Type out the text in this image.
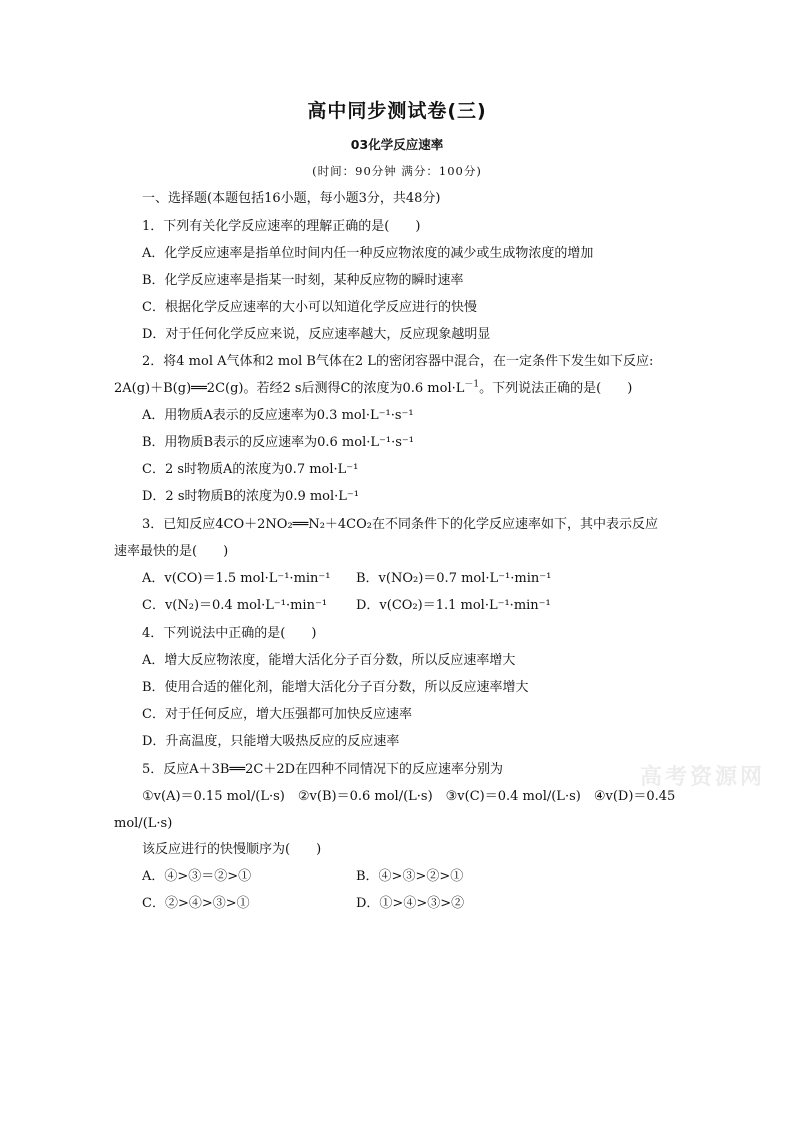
高中同步测试卷(三)
03化学反应速率
(时间：90分钟 满分：100分)
一、选择题(本题包括16小题，每小题3分，共48分)
1．下列有关化学反应速率的理解正确的是(　　)
A．化学反应速率是指单位时间内任一种反应物浓度的减少或生成物浓度的增加
B．化学反应速率是指某一时刻，某种反应物的瞬时速率
C．根据化学反应速率的大小可以知道化学反应进行的快慢
D．对于任何化学反应来说，反应速率越大，反应现象越明显
2．将4 mol A气体和2 mol B气体在2 L的密闭容器中混合，在一定条件下发生如下反应:
2A(g)＋B(g)══2C(g)。若经2 s后测得C的浓度为0.6 $mol\cdot L^{-1}$。下列说法正确的是(　　)
A．用物质A表示的反应速率为0.3 mol·L⁻¹·s⁻¹
B．用物质B表示的反应速率为0.6 mol·L⁻¹·s⁻¹
C．2 s时物质A的浓度为0.7 mol·L⁻¹
D．2 s时物质B的浓度为0.9 mol·L⁻¹
3．已知反应4CO＋2NO₂══N₂＋4CO₂在不同条件下的化学反应速率如下，其中表示反应
速率最快的是(　　)
A．v(CO)＝1.5 mol·L⁻¹·min⁻¹ B．v(NO₂)＝0.7 mol·L⁻¹·min⁻¹
C．v(N₂)＝0.4 mol·L⁻¹·min⁻¹ D．v(CO₂)＝1.1 mol·L⁻¹·min⁻¹
4．下列说法中正确的是(　　)
A．增大反应物浓度，能增大活化分子百分数，所以反应速率增大
B．使用合适的催化剂，能增大活化分子百分数，所以反应速率增大
C．对于任何反应，增大压强都可加快反应速率
D．升高温度，只能增大吸热反应的反应速率
5．反应A＋3B══2C＋2D在四种不同情况下的反应速率分别为
①v(A)＝0.15 mol/(L·s)　②v(B)＝0.6 mol/(L·s)　③v(C)＝0.4 mol/(L·s)　④v(D)＝0.45
mol/(L·s)
该反应进行的快慢顺序为(　　)
A．④>③＝②>①	B．④>③>②>①
C．②>④>③>①	D．①>④>③>②
高考资源网
